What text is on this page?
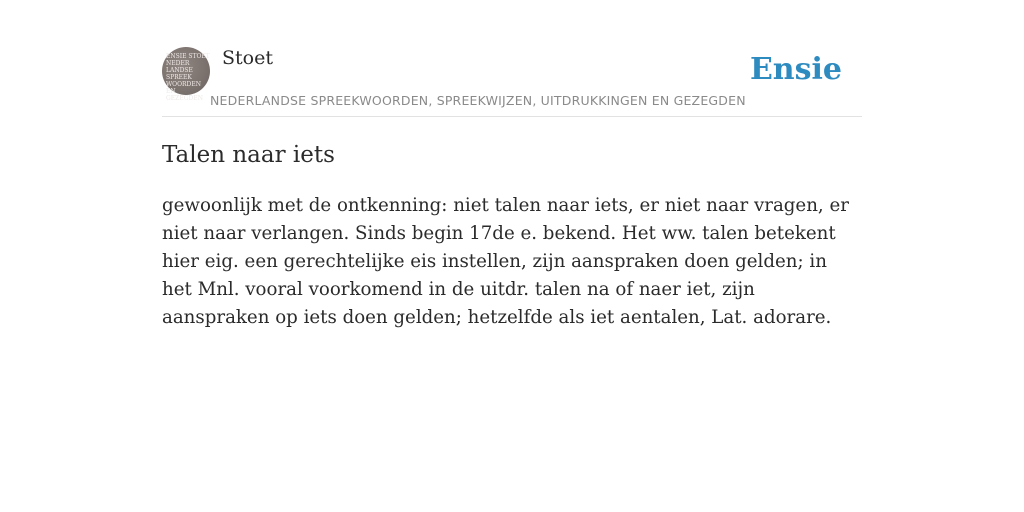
ENSIE STOET
NEDER
LANDSE
SPREEK
WOORDEN EN
GEZEGDEN
Stoet	Ensie
NEDERLANDSE SPREEKWOORDEN, SPREEKWIJZEN, UITDRUKKINGEN EN GEZEGDEN
Talen naar iets

gewoonlijk met de ontkenning: niet talen naar iets, er niet naar vragen, er niet naar verlangen. Sinds begin 17de e. bekend. Het ww. talen betekent hier eig. een gerechtelijke eis instellen, zijn aanspraken doen gelden; in het Mnl. vooral voorkomend in de uitdr. talen na of naer iet, zijn aanspraken op iets doen gelden; hetzelfde als iet aentalen, Lat. adorare.
